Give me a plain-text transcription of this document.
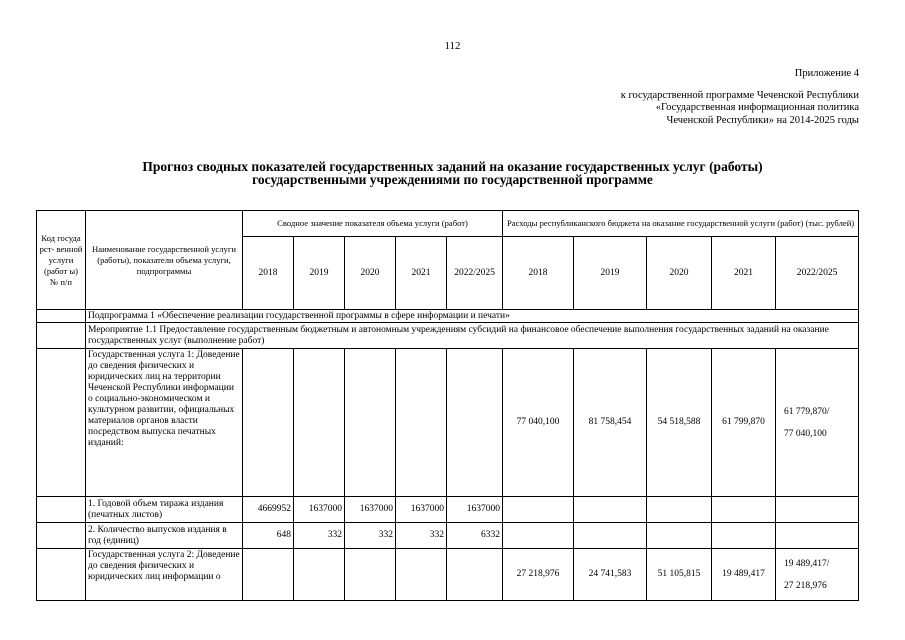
112
Приложение 4
к государственной программе Чеченской Республики
«Государственная информационная политика
Чеченской Республики» на 2014-2025 годы
Прогноз сводных показателей государственных заданий на оказание государственных услуг (работы)
государственными учреждениями по государственной программе
Код госуда рст- венной услуги (работ ы) № п/п	Наименование государственной услуги (работы), показатели объема услуги, подпрограммы	Сводное значение показателя объема услуги (работ)					Расходы республиканского бюджета на оказание государственной услуги (работ) (тыс. рублей)				
		2018	2019	2020	2021	2022/2025	2018	2019	2020	2021	2022/2025
	Подпрограмма 1 «Обеспечение реализации государственной программы в сфере информации и печати»										
	Мероприятие 1.1 Предоставление государственным бюджетным и автономным учреждениям субсидий на финансовое обеспечение выполнения государственных заданий на оказание государственных услуг (выполнение работ)										
	Государственная услуга 1: Доведение до сведения физических и юридических лиц на территории Чеченской Республики информации о социально-экономическом и культурном развитии, официальных материалов органов власти посредством выпуска печатных изданий:						77 040,100	81 758,454	54 518,588	61 799,870	61 779,870/
77 040,100

	1. Годовой объем тиража издания (печатных листов)	4669952	1637000	1637000	1637000	1637000					
	2. Количество выпусков издания в год (единиц)	648	332	332	332	6332					
	Государственная услуга 2: Доведение до сведения физических и юридических лиц информации о						27 218,976	24 741,583	51 105,815	19 489,417	19 489,417/
27 218,976
